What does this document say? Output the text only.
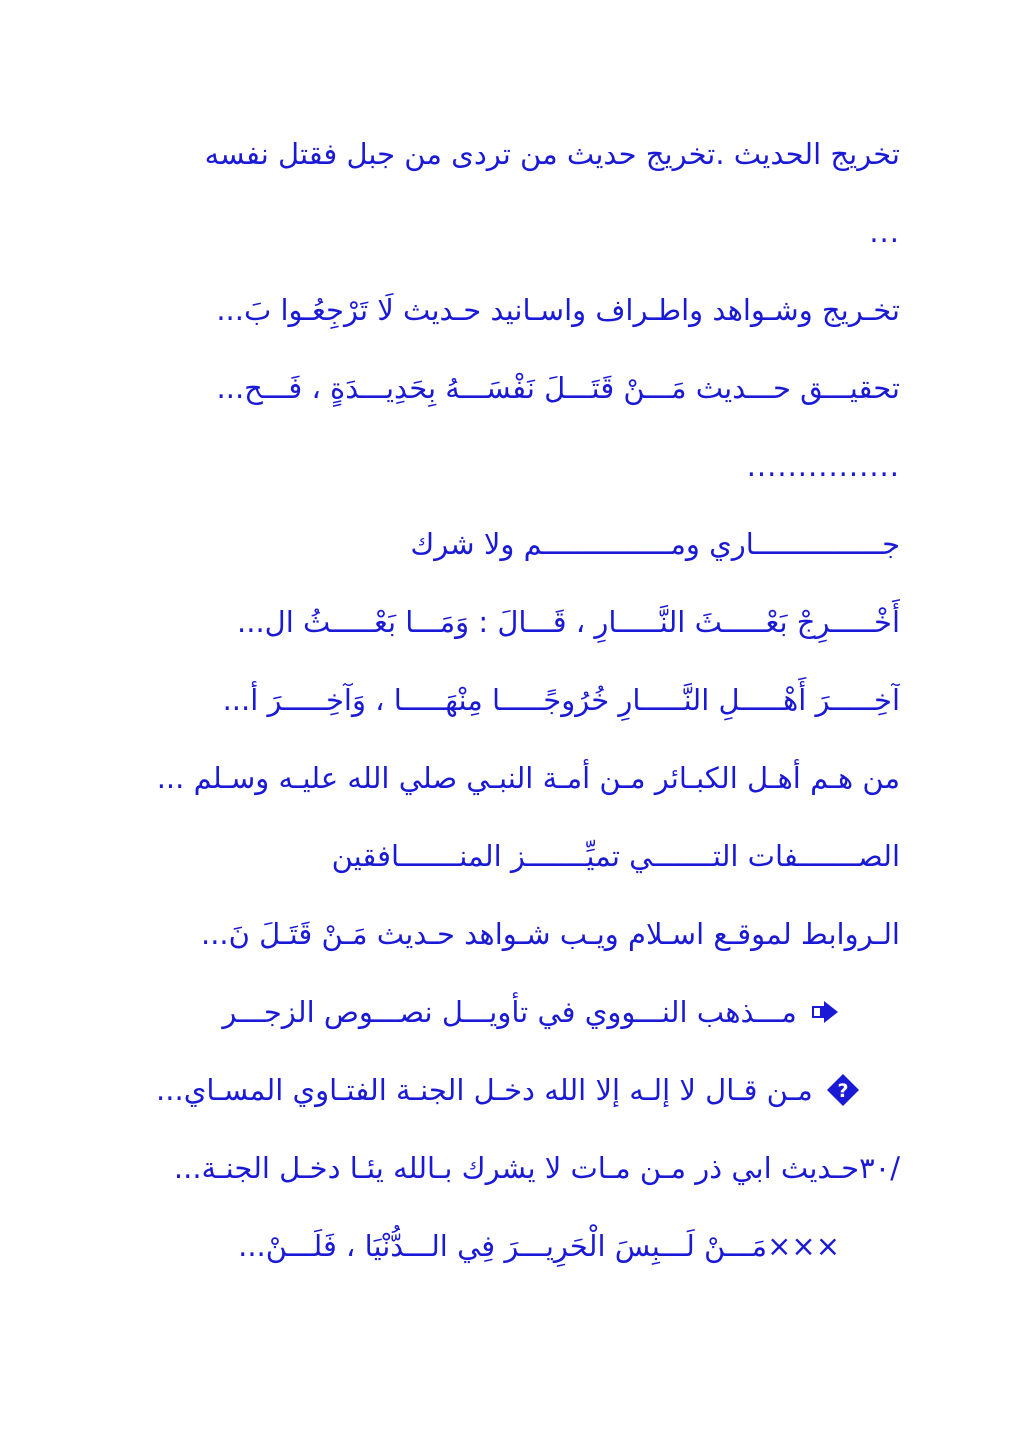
تخريج الحديث .تخريج حديث من تردى من جبل فقتل نفسه
...
تخـريج وشـواهد واطـراف واسـانيد حـديث لَا تَرْجِعُـوا بَ...
تحقيـــق حـــديث مَـــنْ قَتَـــلَ نَفْسَـــهُ بِحَدِيـــدَةٍ ، فَـــح...
...............
جـــــــــــــــاري ومـــــــــــــــم ولا شرك
أَخْـــــرِجْ بَعْـــــثَ النَّـــــارِ ، قَـــالَ : وَمَـــا بَعْـــــثُ ال...
آخِـــــرَ أَهْـــــلِ النَّـــــارِ خُرُوجًـــــا مِنْهَـــــا ، وَآخِـــــرَ أ...
من هـم أهـل الكبـائر مـن أمـة النبـي صلي الله عليـه وسـلم ...
الصـــــــفات التـــــــي تميِّـــــــز المنـــــــافقين
الـروابط لموقـع اسـلام ويـب شـواهد حـديث مَـنْ قَتَـلَ نَ...
مـــذهب النـــووي في تأويـــل نصـــوص الزجـــر
?
مـن قـال لا إلـه إلا الله دخـل الجنـة الفتـاوي المسـاي...
/٣٠حـديث ابي ذر مـن مـات لا يشرك بـالله يئـا دخـل الجنـة...
×××مَـــنْ لَـــبِسَ الْحَرِيـــرَ فِي الـــدُّنْيَا ، فَلَـــنْ...
